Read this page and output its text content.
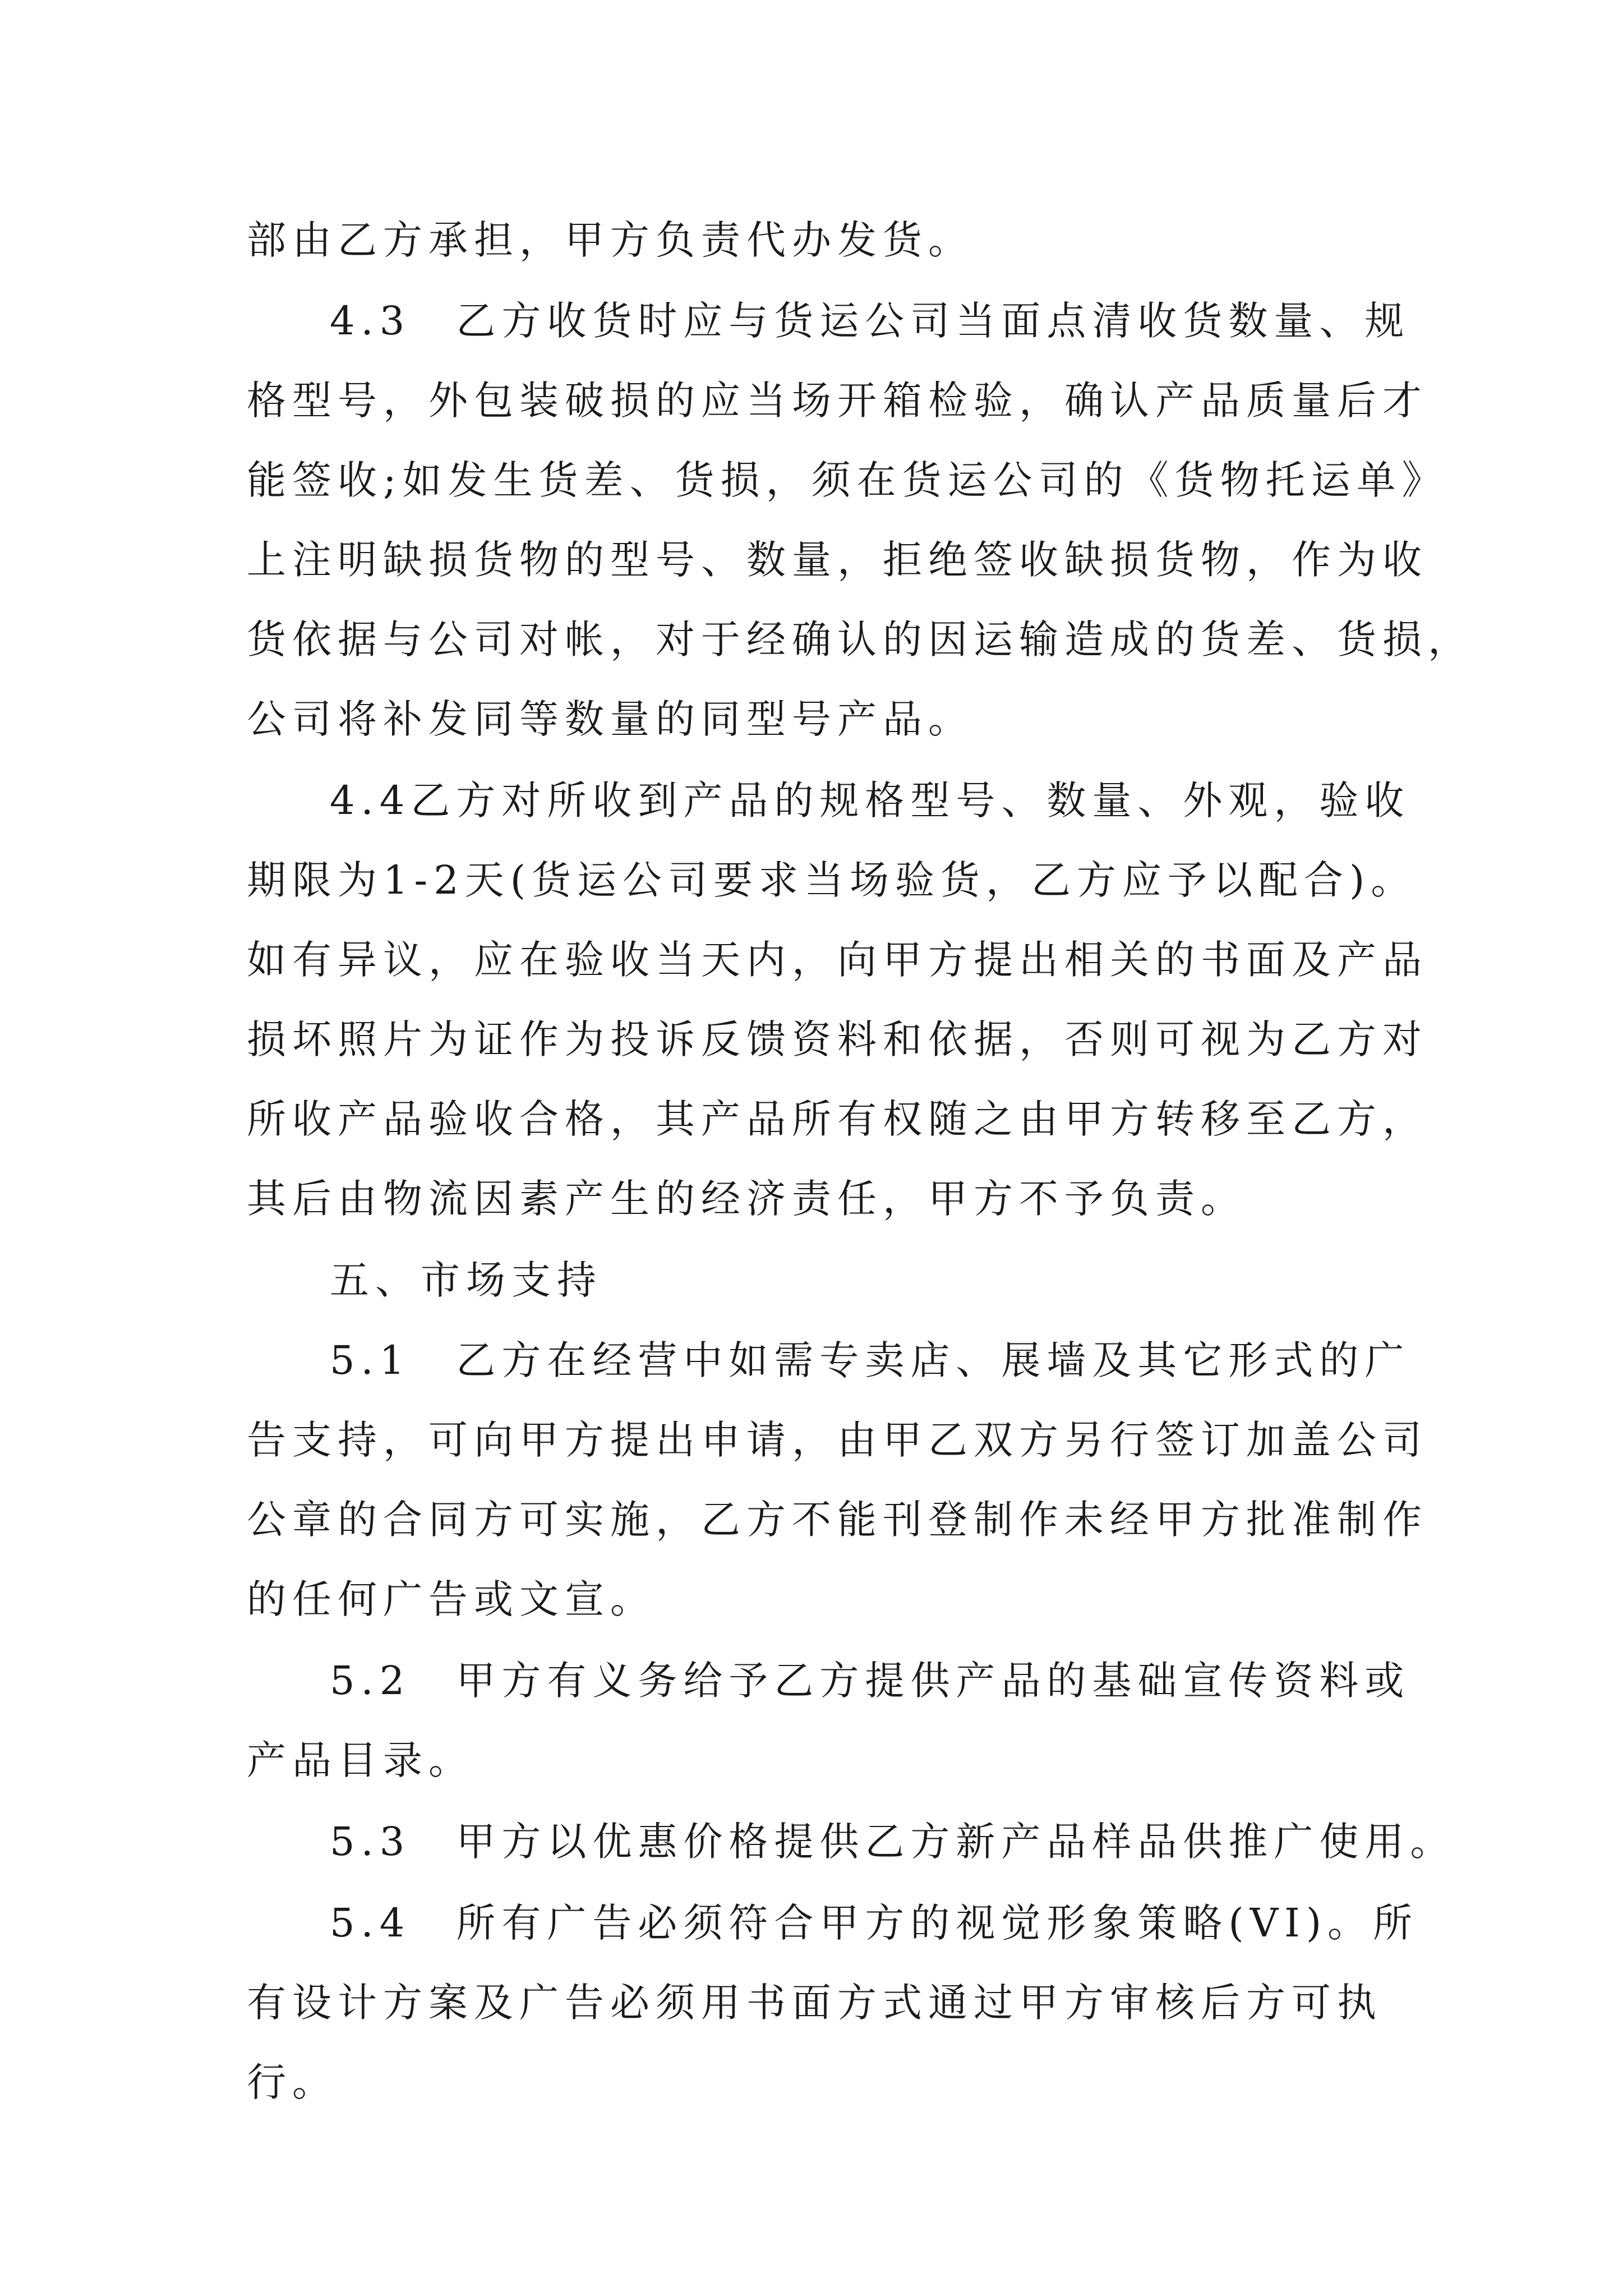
部由乙方承担，甲方负责代办发货。
4.3　乙方收货时应与货运公司当面点清收货数量、规
格型号，外包装破损的应当场开箱检验，确认产品质量后才
能签收;如发生货差、货损，须在货运公司的《货物托运单》
上注明缺损货物的型号、数量，拒绝签收缺损货物，作为收
货依据与公司对帐，对于经确认的因运输造成的货差、货损，
公司将补发同等数量的同型号产品。
4.4乙方对所收到产品的规格型号、数量、外观，验收
期限为1-2天(货运公司要求当场验货，乙方应予以配合)。
如有异议，应在验收当天内，向甲方提出相关的书面及产品
损坏照片为证作为投诉反馈资料和依据，否则可视为乙方对
所收产品验收合格，其产品所有权随之由甲方转移至乙方，
其后由物流因素产生的经济责任，甲方不予负责。
五、市场支持
5.1　乙方在经营中如需专卖店、展墙及其它形式的广
告支持，可向甲方提出申请，由甲乙双方另行签订加盖公司
公章的合同方可实施，乙方不能刊登制作未经甲方批准制作
的任何广告或文宣。
5.2　甲方有义务给予乙方提供产品的基础宣传资料或
产品目录。
5.3　甲方以优惠价格提供乙方新产品样品供推广使用。
5.4　所有广告必须符合甲方的视觉形象策略(VI)。所
有设计方案及广告必须用书面方式通过甲方审核后方可执
行。
